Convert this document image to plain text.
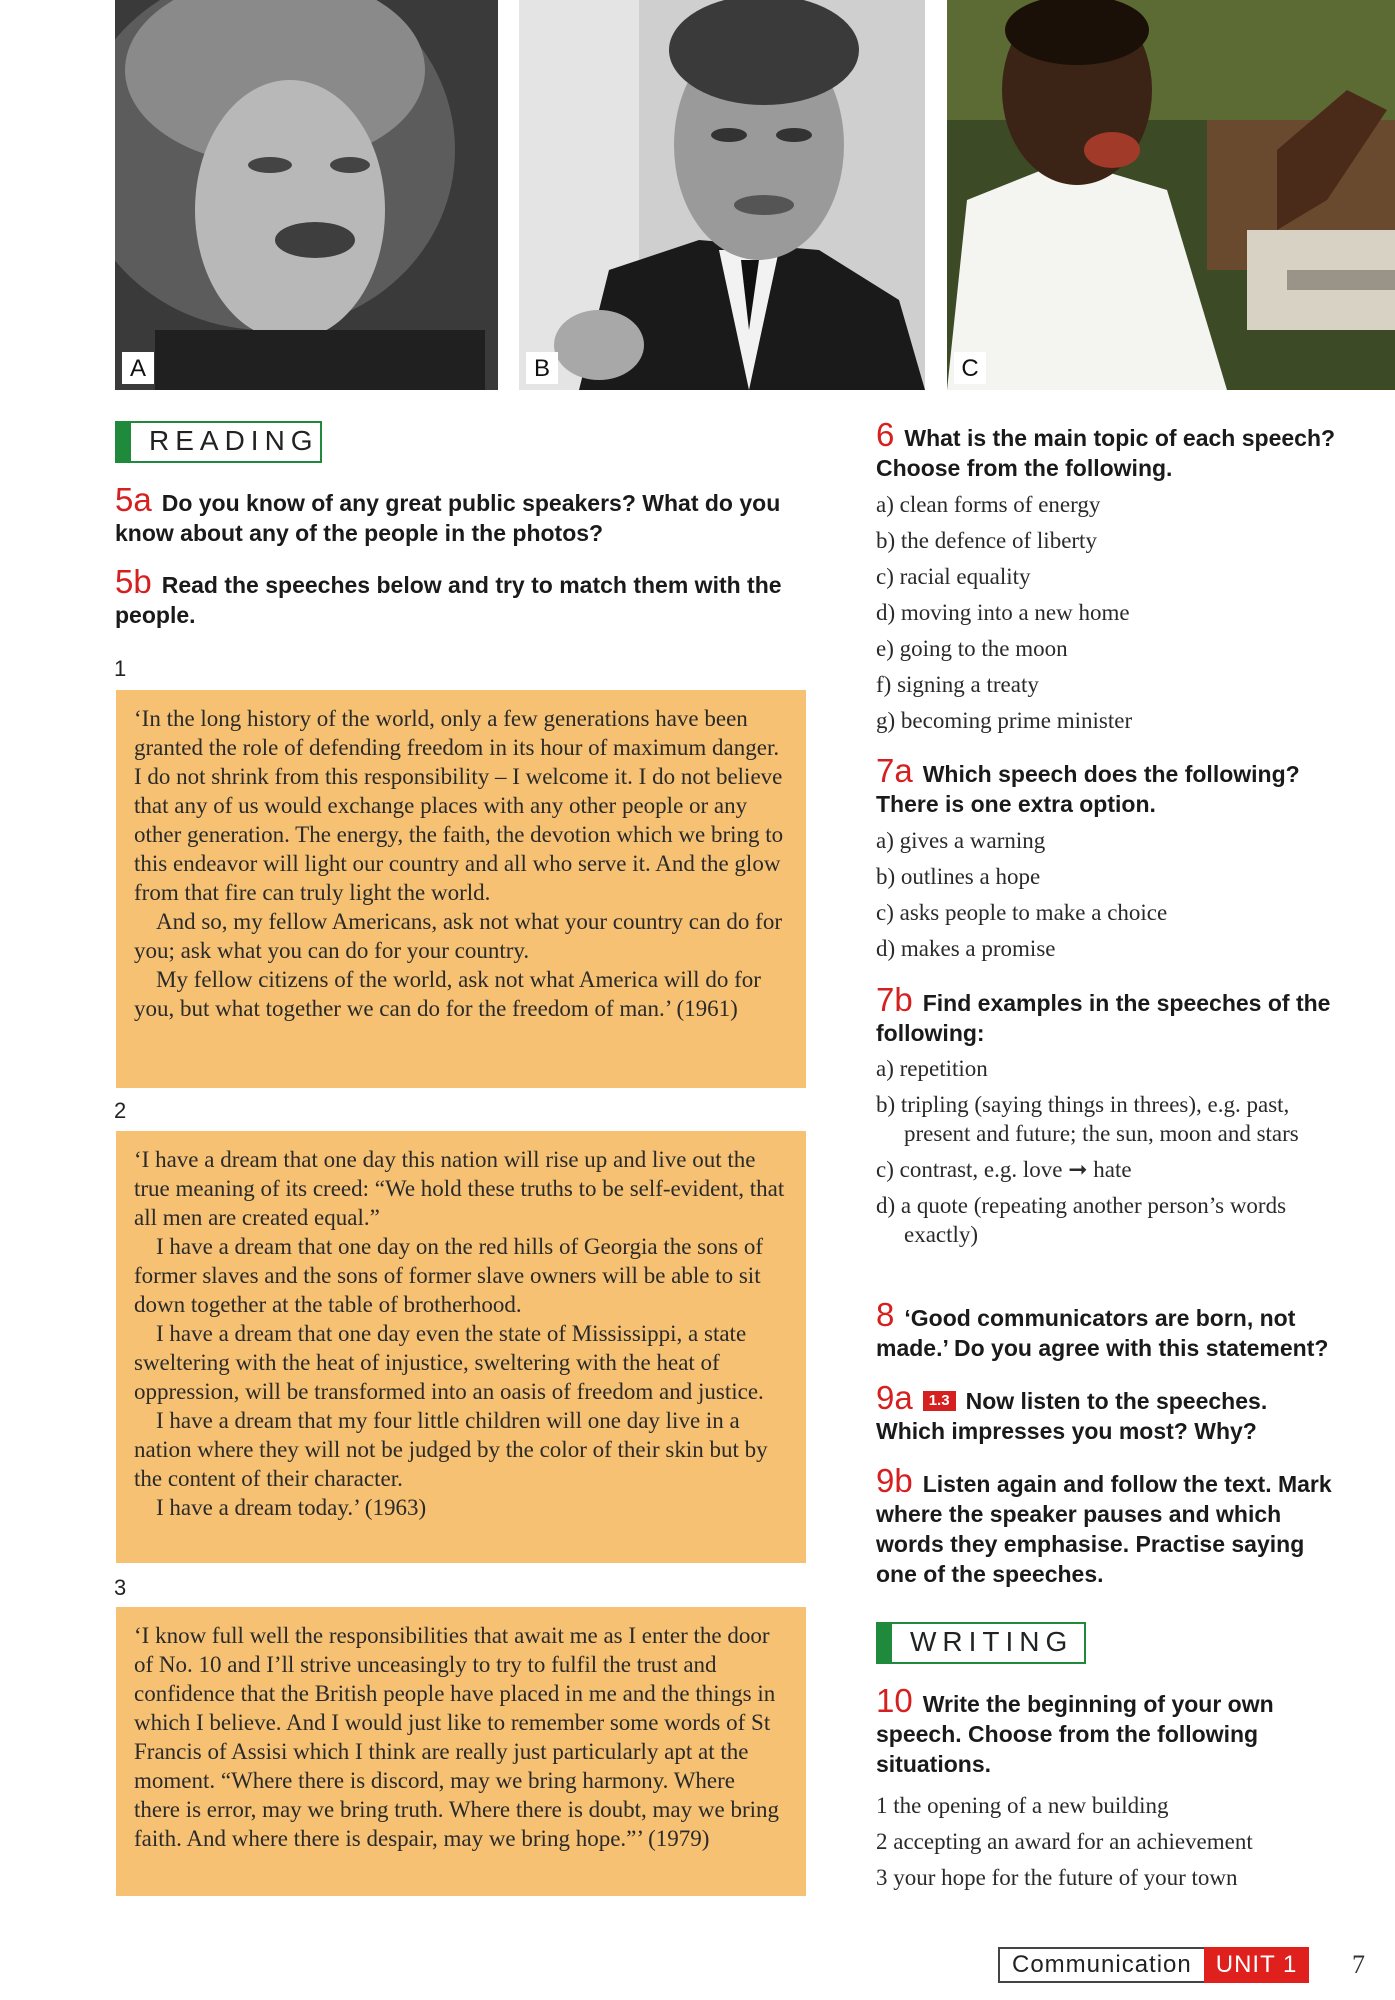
A	B	C
READING
5a Do you know of any great public speakers? What do you know about any of the people in the photos?
5b Read the speeches below and try to match them with the people.
1

‘In the long history of the world, only a few generations have been granted the role of defending freedom in its hour of maximum danger. I do not shrink from this responsibility – I welcome it. I do not believe that any of us would exchange places with any other people or any other generation. The energy, the faith, the devotion which we bring to this endeavor will light our country and all who serve it. And the glow from that fire can truly light the world.

And so, my fellow Americans, ask not what your country can do for you; ask what you can do for your country.

My fellow citizens of the world, ask not what America will do for you, but what together we can do for the freedom of man.’ (1961)

2

‘I have a dream that one day this nation will rise up and live out the true meaning of its creed: “We hold these truths to be self-evident, that all men are created equal.”

I have a dream that one day on the red hills of Georgia the sons of former slaves and the sons of former slave owners will be able to sit down together at the table of brotherhood.

I have a dream that one day even the state of Mississippi, a state sweltering with the heat of injustice, sweltering with the heat of oppression, will be transformed into an oasis of freedom and justice.

I have a dream that my four little children will one day live in a nation where they will not be judged by the color of their skin but by the content of their character.

I have a dream today.’ (1963)

3

‘I know full well the responsibilities that await me as I enter the door of No. 10 and I’ll strive unceasingly to try to fulfil the trust and confidence that the British people have placed in me and the things in which I believe. And I would just like to remember some words of St Francis of Assisi which I think are really just particularly apt at the moment. “Where there is discord, may we bring harmony. Where there is error, may we bring truth. Where there is doubt, may we bring faith. And where there is despair, may we bring hope.”’ (1979)

6 What is the main topic of each speech? Choose from the following.
a) clean forms of energy
b) the defence of liberty
c) racial equality
d) moving into a new home
e) going to the moon
f) signing a treaty
g) becoming prime minister
7a Which speech does the following? There is one extra option.
a) gives a warning
b) outlines a hope
c) asks people to make a choice
d) makes a promise
7b Find examples in the speeches of the following:
a) repetition
b) tripling (saying things in threes), e.g. past, present and future; the sun, moon and stars
c) contrast, e.g. love ➞ hate
d) a quote (repeating another person’s words exactly)
8 ‘Good communicators are born, not made.’ Do you agree with this statement?
9a 1.3 Now listen to the speeches. Which impresses you most? Why?
9b Listen again and follow the text. Mark where the speaker pauses and which words they emphasise. Practise saying one of the speeches.
WRITING
10 Write the beginning of your own speech. Choose from the following situations.
1 the opening of a new building
2 accepting an award for an achievement
3 your hope for the future of your town
Communication	UNIT 1	7
